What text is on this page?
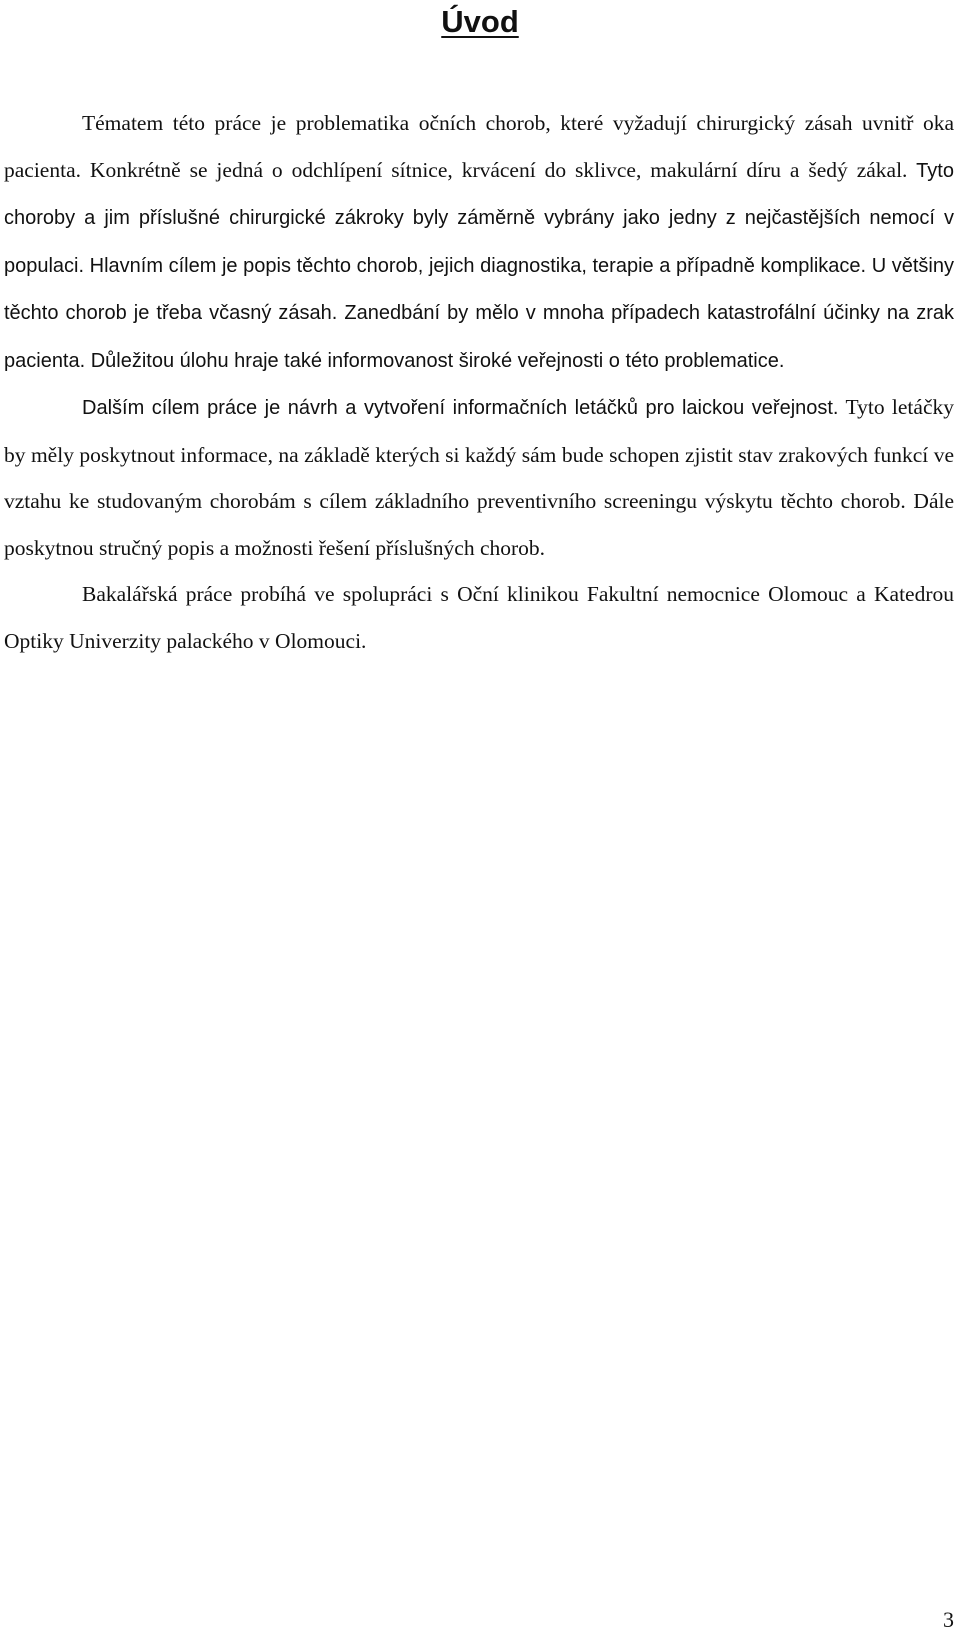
Úvod

Tématem této práce je problematika očních chorob, které vyžadují chirurgický zásah uvnitř oka pacienta. Konkrétně se jedná o odchlípení sítnice, krvácení do sklivce, makulární díru a šedý zákal. Tyto choroby a jim příslušné chirurgické zákroky byly záměrně vybrány jako jedny z nejčastějších nemocí v populaci. Hlavním cílem je popis těchto chorob, jejich diagnostika, terapie a případně komplikace. U většiny těchto chorob je třeba včasný zásah. Zanedbání by mělo v mnoha případech katastrofální účinky na zrak pacienta. Důležitou úlohu hraje také informovanost široké veřejnosti o této problematice.

Dalším cílem práce je návrh a vytvoření informačních letáčků pro laickou veřejnost. Tyto letáčky by měly poskytnout informace, na základě kterých si každý sám bude schopen zjistit stav zrakových funkcí ve vztahu ke studovaným chorobám s cílem základního preventivního screeningu výskytu těchto chorob. Dále poskytnou stručný popis a možnosti řešení příslušných chorob.

Bakalářská práce probíhá ve spolupráci s Oční klinikou Fakultní nemocnice Olomouc a Katedrou Optiky Univerzity palackého v Olomouci.

3
